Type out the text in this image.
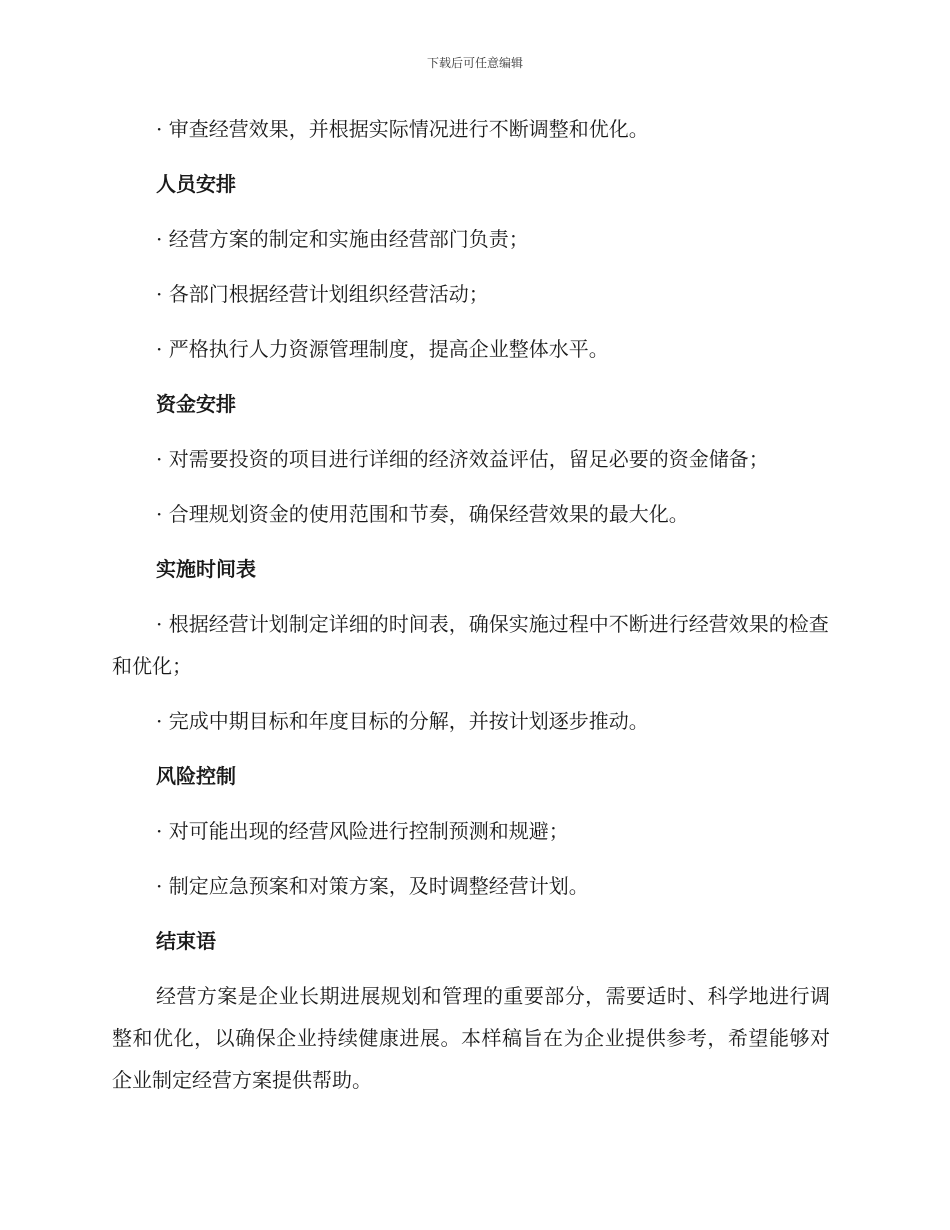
下载后可任意编辑

· 审查经营效果，并根据实际情况进行不断调整和优化。

人员安排

· 经营方案的制定和实施由经营部门负责；

· 各部门根据经营计划组织经营活动；

· 严格执行人力资源管理制度，提高企业整体水平。

资金安排

· 对需要投资的项目进行详细的经济效益评估，留足必要的资金储备；

· 合理规划资金的使用范围和节奏，确保经营效果的最大化。

实施时间表

· 根据经营计划制定详细的时间表，确保实施过程中不断进行经营效果的检查和优化；

· 完成中期目标和年度目标的分解，并按计划逐步推动。

风险控制

· 对可能出现的经营风险进行控制预测和规避；

· 制定应急预案和对策方案，及时调整经营计划。

结束语

经营方案是企业长期进展规划和管理的重要部分，需要适时、科学地进行调整和优化，以确保企业持续健康进展。本样稿旨在为企业提供参考，希望能够对企业制定经营方案提供帮助。
